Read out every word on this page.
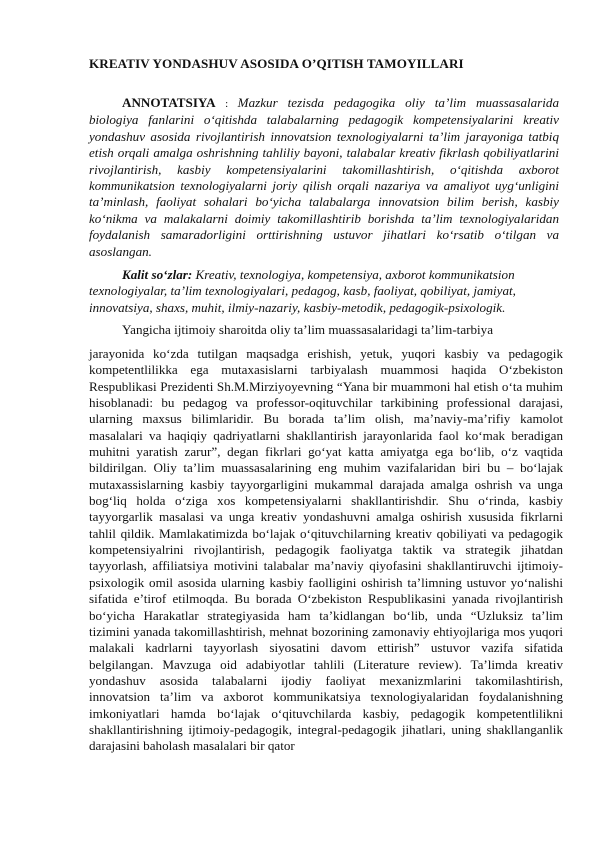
KREATIV YONDASHUV ASOSIDA O’QITISH TAMOYILLARI
ANNOTATSIYA : Mazkur tezisda pedagogika oliy ta’lim muassasalarida biologiya fanlarini o‘qitishda talabalarning pedagogik kompetensiyalarini kreativ yondashuv asosida rivojlantirish innovatsion texnologiyalarni ta’lim jarayoniga tatbiq etish orqali amalga oshrishning tahliliy bayoni, talabalar kreativ fikrlash qobiliyatlarini rivojlantirish, kasbiy kompetensiyalarini takomillashtirish, o‘qitishda axborot kommunikatsion texnologiyalarni joriy qilish orqali nazariya va amaliyot uyg‘unligini ta’minlash, faoliyat sohalari bo‘yicha talabalarga innovatsion bilim berish, kasbiy ko‘nikma va malakalarni doimiy takomillashtirib borishda ta’lim texnologiyalaridan foydalanish samaradorligini orttirishning ustuvor jihatlari ko‘rsatib o‘tilgan va asoslangan.
Kalit so‘zlar: Kreativ, texnologiya, kompetensiya, axborot kommunikatsion texnologiyalar, ta’lim texnologiyalari, pedagog, kasb, faoliyat, qobiliyat, jamiyat, innovatsiya, shaxs, muhit, ilmiy-nazariy, kasbiy-metodik, pedagogik-psixologik.
Yangicha ijtimoiy sharoitda oliy ta’lim muassasalaridagi ta’lim-tarbiya
jarayonida ko‘zda tutilgan maqsadga erishish, yetuk, yuqori kasbiy va pedagogik kompetentlilikka ega mutaxasislarni tarbiyalash muammosi haqida O‘zbekiston Respublikasi Prezidenti Sh.M.Mirziyoyevning “Yana bir muammoni hal etish o‘ta muhim hisoblanadi: bu pedagog va professor-oqituvchilar tarkibining professional darajasi, ularning maxsus bilimlaridir. Bu borada ta’lim olish, ma’naviy-ma’rifiy kamolot masalalari va haqiqiy qadriyatlarni shakllantirish jarayonlarida faol ko‘mak beradigan muhitni yaratish zarur”, degan fikrlari go‘yat katta amiyatga ega bo‘lib, o‘z vaqtida bildirilgan. Oliy ta’lim muassasalarining eng muhim vazifalaridan biri bu – bo‘lajak mutaxassislarning kasbiy tayyorgarligini mukammal darajada amalga oshrish va unga bog‘liq holda o‘ziga xos kompetensiyalarni shakllantirishdir. Shu o‘rinda, kasbiy tayyorgarlik masalasi va unga kreativ yondashuvni amalga oshirish xususida fikrlarni tahlil qildik. Mamlakatimizda bo‘lajak o‘qituvchilarning kreativ qobiliyati va pedagogik kompetensiyalrini rivojlantirish, pedagogik faoliyatga taktik va strategik jihatdan tayyorlash, affiliatsiya motivini talabalar ma’naviy qiyofasini shakllantiruvchi ijtimoiy-psixologik omil asosida ularning kasbiy faolligini oshirish ta’limning ustuvor yo‘nalishi sifatida e’tirof etilmoqda. Bu borada O‘zbekiston Respublikasini yanada rivojlantirish bo‘yicha Harakatlar strategiyasida ham ta’kidlangan bo‘lib, unda “Uzluksiz ta’lim tizimini yanada takomillashtirish, mehnat bozorining zamonaviy ehtiyojlariga mos yuqori malakali kadrlarni tayyorlash siyosatini davom ettirish” ustuvor vazifa sifatida belgilangan. Mavzuga oid adabiyotlar tahlili (Literature review). Ta’limda kreativ yondashuv asosida talabalarni ijodiy faoliyat mexanizmlarini takomilashtirish, innovatsion ta’lim va axborot kommunikatsiya texnologiyalaridan foydalanishning imkoniyatlari hamda bo‘lajak o‘qituvchilarda kasbiy, pedagogik kompetentlilikni shakllantirishning ijtimoiy-pedagogik, integral-pedagogik jihatlari, uning shakllanganlik darajasini baholash masalalari bir qator
